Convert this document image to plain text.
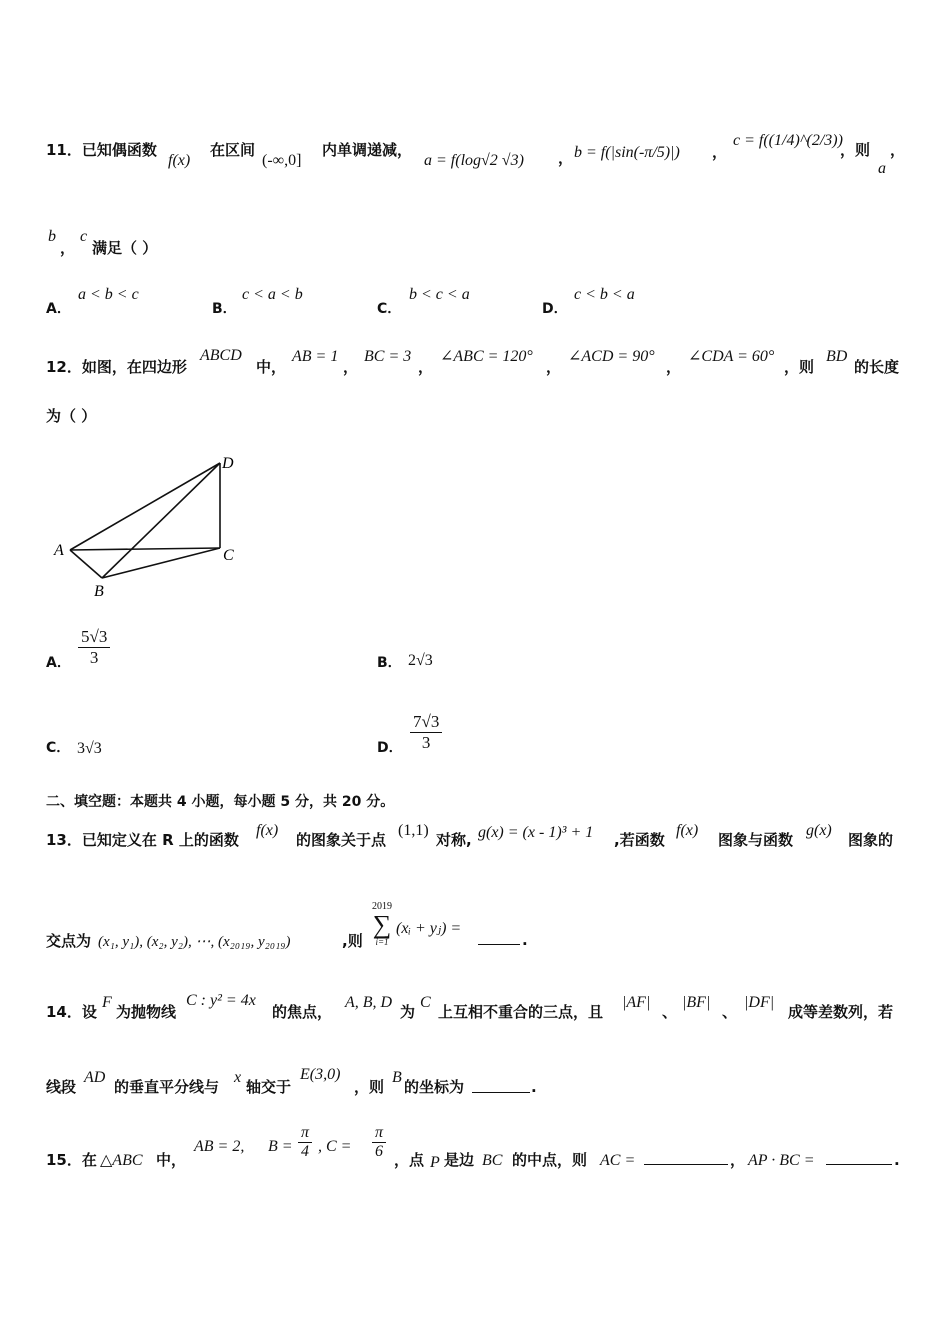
11．已知偶函数
f(x)
在区间
(-∞,0]
内单调递减，
a = f(log√2 √3) ， b = f(|sin(-π/5)|) ，
c = f((1/4)^(2/3))
，则
a
，
b
，
c
满足（ ）
A．
a < b < c
B．
c < a < b
C．
b < c < a
D．
c < b < a
12．如图，在四边形
ABCD
中，
AB = 1
，
BC = 3
，
∠ABC = 120°
，
∠ACD = 90°
，
∠CDA = 60°
，则
BD
的长度
为（ ）
A
B
C
D
A． $\frac{5√3}{3}$	B． 2√3
C． 3√3	D． $\frac{7√3}{3}$
二、填空题：本题共 4 小题，每小题 5 分，共 20 分。
13．已知定义在 R 上的函数
f(x)
的图象关于点
(1,1)
对称, g(x) = (x - 1)³ + 1 ,若函数
f(x)
图象与函数
g(x)
图象的
交点为 (x₁, y₁), (x₂, y₂), ⋯, (x₂₀₁₉, y₂₀₁₉)	,则
2019
∑
i=1
(xᵢ + yⱼ) =
.
14．设
F
为抛物线
C : y² = 4x
的焦点，
A, B, D
为
C
上互相不重合的三点，且
|AF|
、
|BF|
、
|DF|
成等差数列，若
线段
AD
的垂直平分线与
x
轴交于
E(3,0)
，则
B
的坐标为	.
15．在 △ABC 中，
AB = 2, $B = \frac{\pi}{4}$ , $C = \frac{\pi}{6}$ ，点 P 是边 BC 的中点，则 AC =	， AP · BC =	.
